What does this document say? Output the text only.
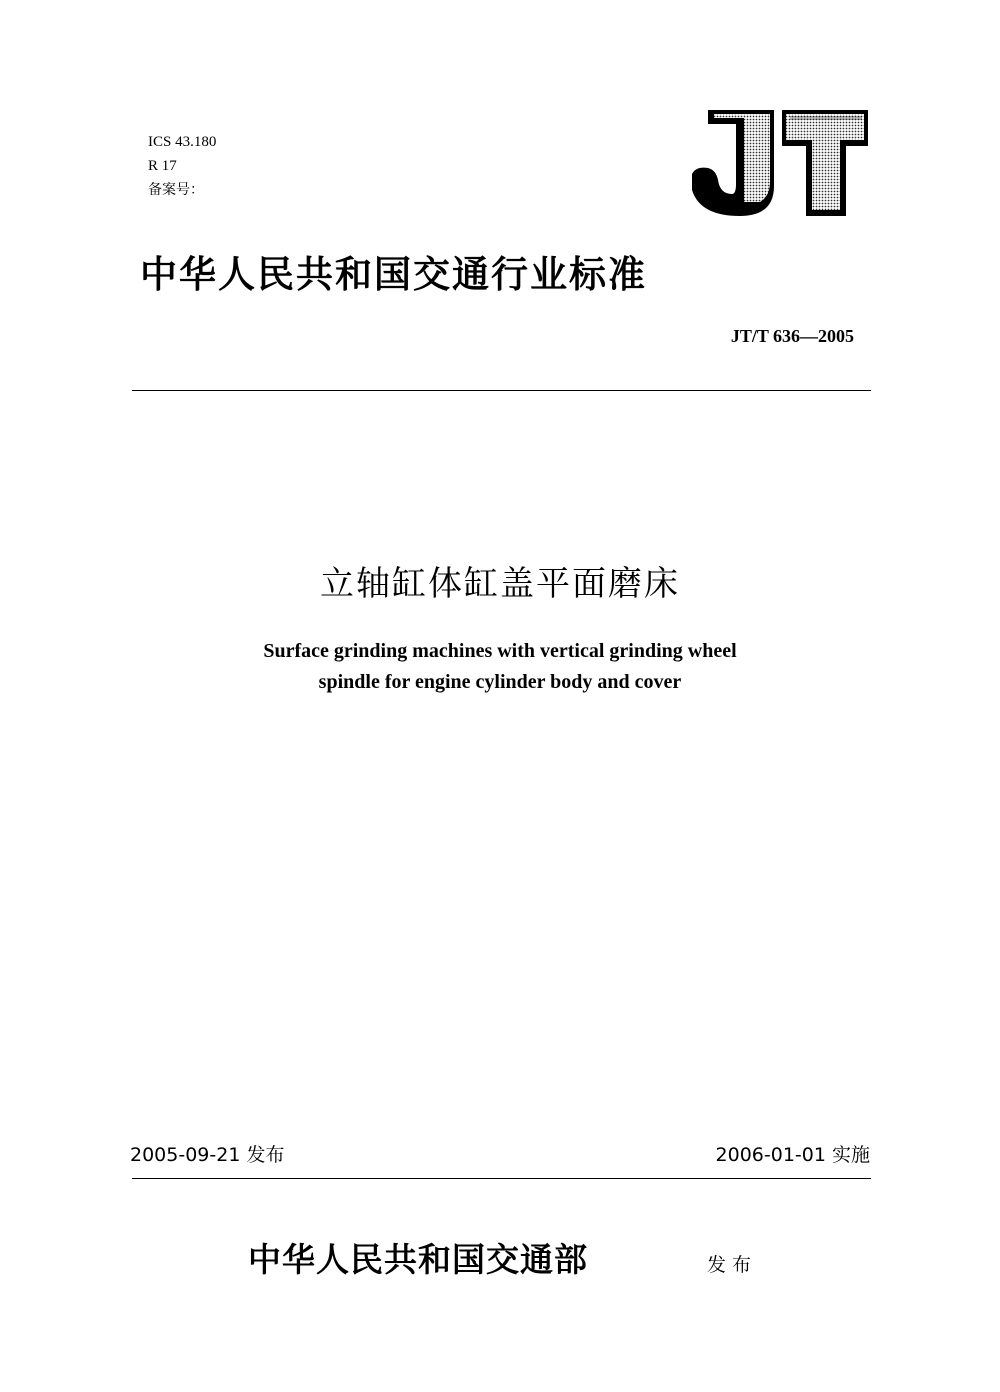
ICS 43.180
R 17
备案号：
中华人民共和国交通行业标准
JT/T 636—2005
立轴缸体缸盖平面磨床
Surface grinding machines with vertical grinding wheel
spindle for engine cylinder body and cover
2005-09-21 发布	2006-01-01 实施
中华人民共和国交通部	发布
